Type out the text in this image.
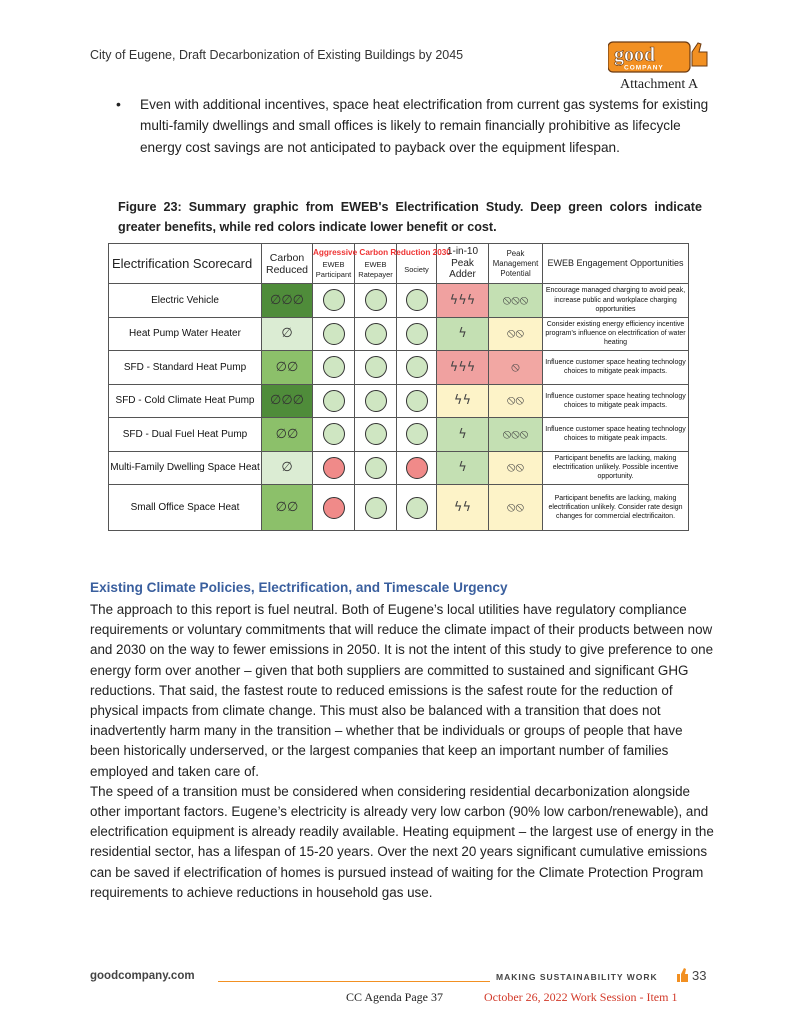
City of Eugene, Draft Decarbonization of Existing Buildings by 2045	good
COMPANY
Attachment A
•	Even with additional incentives, space heat electrification from current gas systems for existing multi-family dwellings and small offices is likely to remain financially prohibitive as lifecycle energy cost savings are not anticipated to payback over the equipment lifespan.
Figure 23: Summary graphic from EWEB's Electrification Study. Deep green colors indicate greater benefits, while red colors indicate lower benefit or cost.
Electrification Scorecard	Carbon Reduced	Aggressive Carbon Reduction 2030
EWEB Participant	EWEB Ratepayer	Society	1-in-10 Peak Adder	Peak Management Potential	EWEB Engagement Opportunities
Electric Vehicle	∅∅∅				ϟϟϟ	⦸⦸⦸	Encourage managed charging to avoid peak, increase public and workplace charging opportunities
Heat Pump Water Heater	∅				ϟ	⦸⦸	Consider existing energy efficiency incentive program's influence on electrification of water heating
SFD - Standard Heat Pump	∅∅				ϟϟϟ	⦸	Influence customer space heating technology choices to mitigate peak impacts.
SFD - Cold Climate Heat Pump	∅∅∅				ϟϟ	⦸⦸	Influence customer space heating technology choices to mitigate peak impacts.
SFD - Dual Fuel Heat Pump	∅∅				ϟ	⦸⦸⦸	Influence customer space heating technology choices to mitigate peak impacts.
Multi-Family Dwelling Space Heat	∅				ϟ	⦸⦸	Participant benefits are lacking, making electrification unlikely. Possible incentive opportunity.
Small Office Space Heat	∅∅				ϟϟ	⦸⦸	Participant benefits are lacking, making electrification unlikely. Consider rate design changes for commercial electrificaiton.
Existing Climate Policies, Electrification, and Timescale Urgency

The approach to this report is fuel neutral. Both of Eugene’s local utilities have regulatory compliance requirements or voluntary commitments that will reduce the climate impact of their products between now and 2030 on the way to fewer emissions in 2050. It is not the intent of this study to give preference to one energy form over another – given that both suppliers are committed to sustained and significant GHG reductions. That said, the fastest route to reduced emissions is the safest route for the reduction of physical impacts from climate change. This must also be balanced with a transition that does not inadvertently harm many in the transition – whether that be individuals or groups of people that have been historically underserved, or the largest companies that keep an important number of families employed and taken care of.

The speed of a transition must be considered when considering residential decarbonization alongside other important factors. Eugene’s electricity is already very low carbon (90% low carbon/renewable), and electrification equipment is already readily available. Heating equipment – the largest use of energy in the residential sector, has a lifespan of 15-20 years. Over the next 20 years significant cumulative emissions can be saved if electrification of homes is pursued instead of waiting for the Climate Protection Program requirements to achieve reductions in household gas use.

goodcompany.com	MAKING SUSTAINABILITY WORK	33
CC Agenda Page 37	October 26, 2022 Work Session - Item 1
